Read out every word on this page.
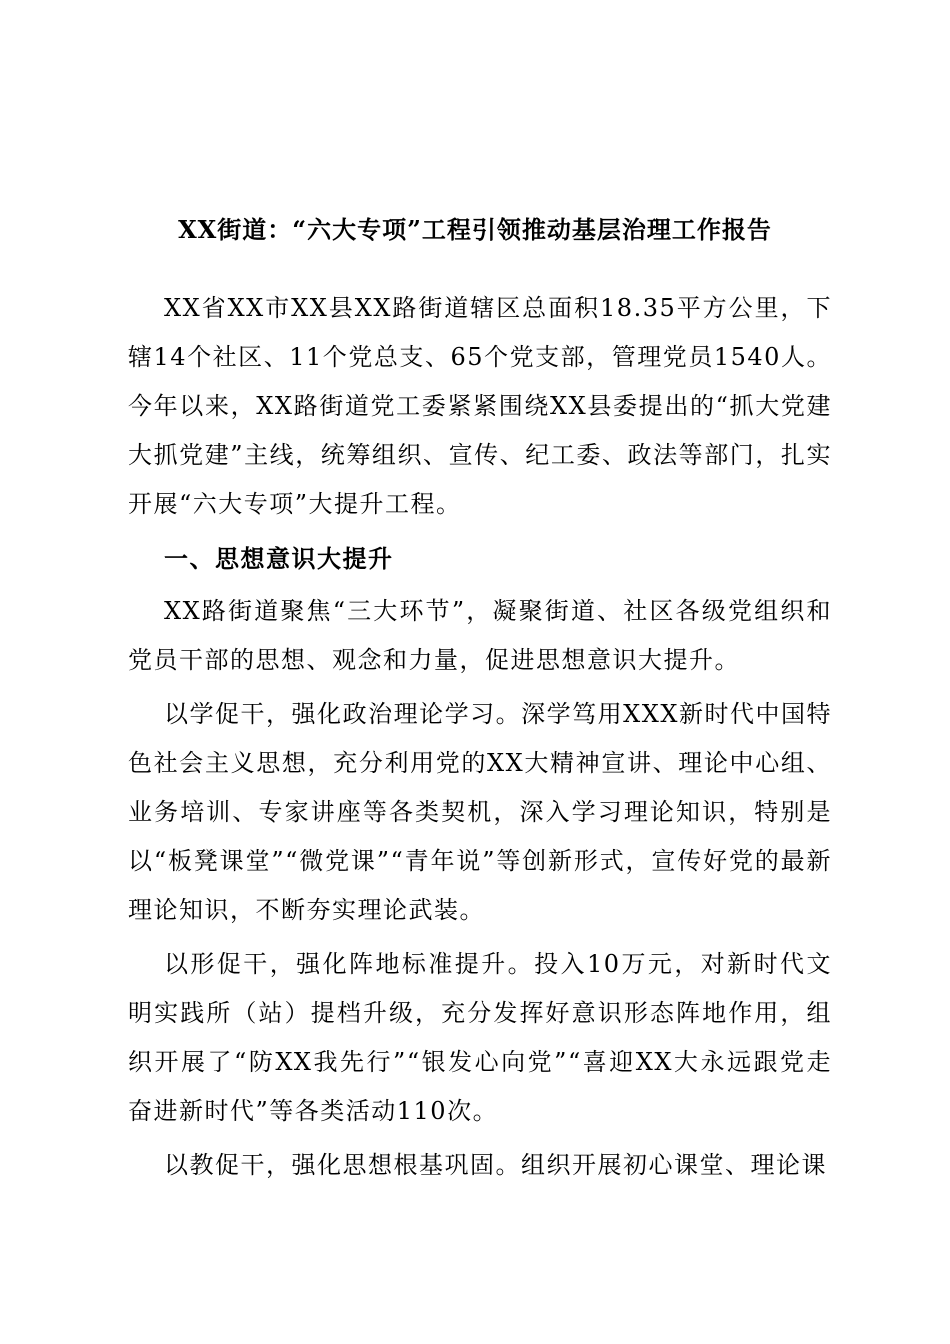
XX街道：“六大专项”工程引领推动基层治理工作报告

XX省XX市XX县XX路街道辖区总面积18.35平方公里，下辖14个社区、11个党总支、65个党支部，管理党员1540人。今年以来，XX路街道党工委紧紧围绕XX县委提出的“抓大党建大抓党建”主线，统筹组织、宣传、纪工委、政法等部门，扎实开展“六大专项”大提升工程。

一、思想意识大提升

XX路街道聚焦“三大环节”，凝聚街道、社区各级党组织和党员干部的思想、观念和力量，促进思想意识大提升。

以学促干，强化政治理论学习。深学笃用XXX新时代中国特色社会主义思想，充分利用党的XX大精神宣讲、理论中心组、业务培训、专家讲座等各类契机，深入学习理论知识，特别是以“板凳课堂”“微党课”“青年说”等创新形式，宣传好党的最新理论知识，不断夯实理论武装。

以形促干，强化阵地标准提升。投入10万元，对新时代文明实践所（站）提档升级，充分发挥好意识形态阵地作用，组织开展了“防XX我先行”“银发心向党”“喜迎XX大永远跟党走奋进新时代”等各类活动110次。

以教促干，强化思想根基巩固。组织开展初心课堂、理论课
